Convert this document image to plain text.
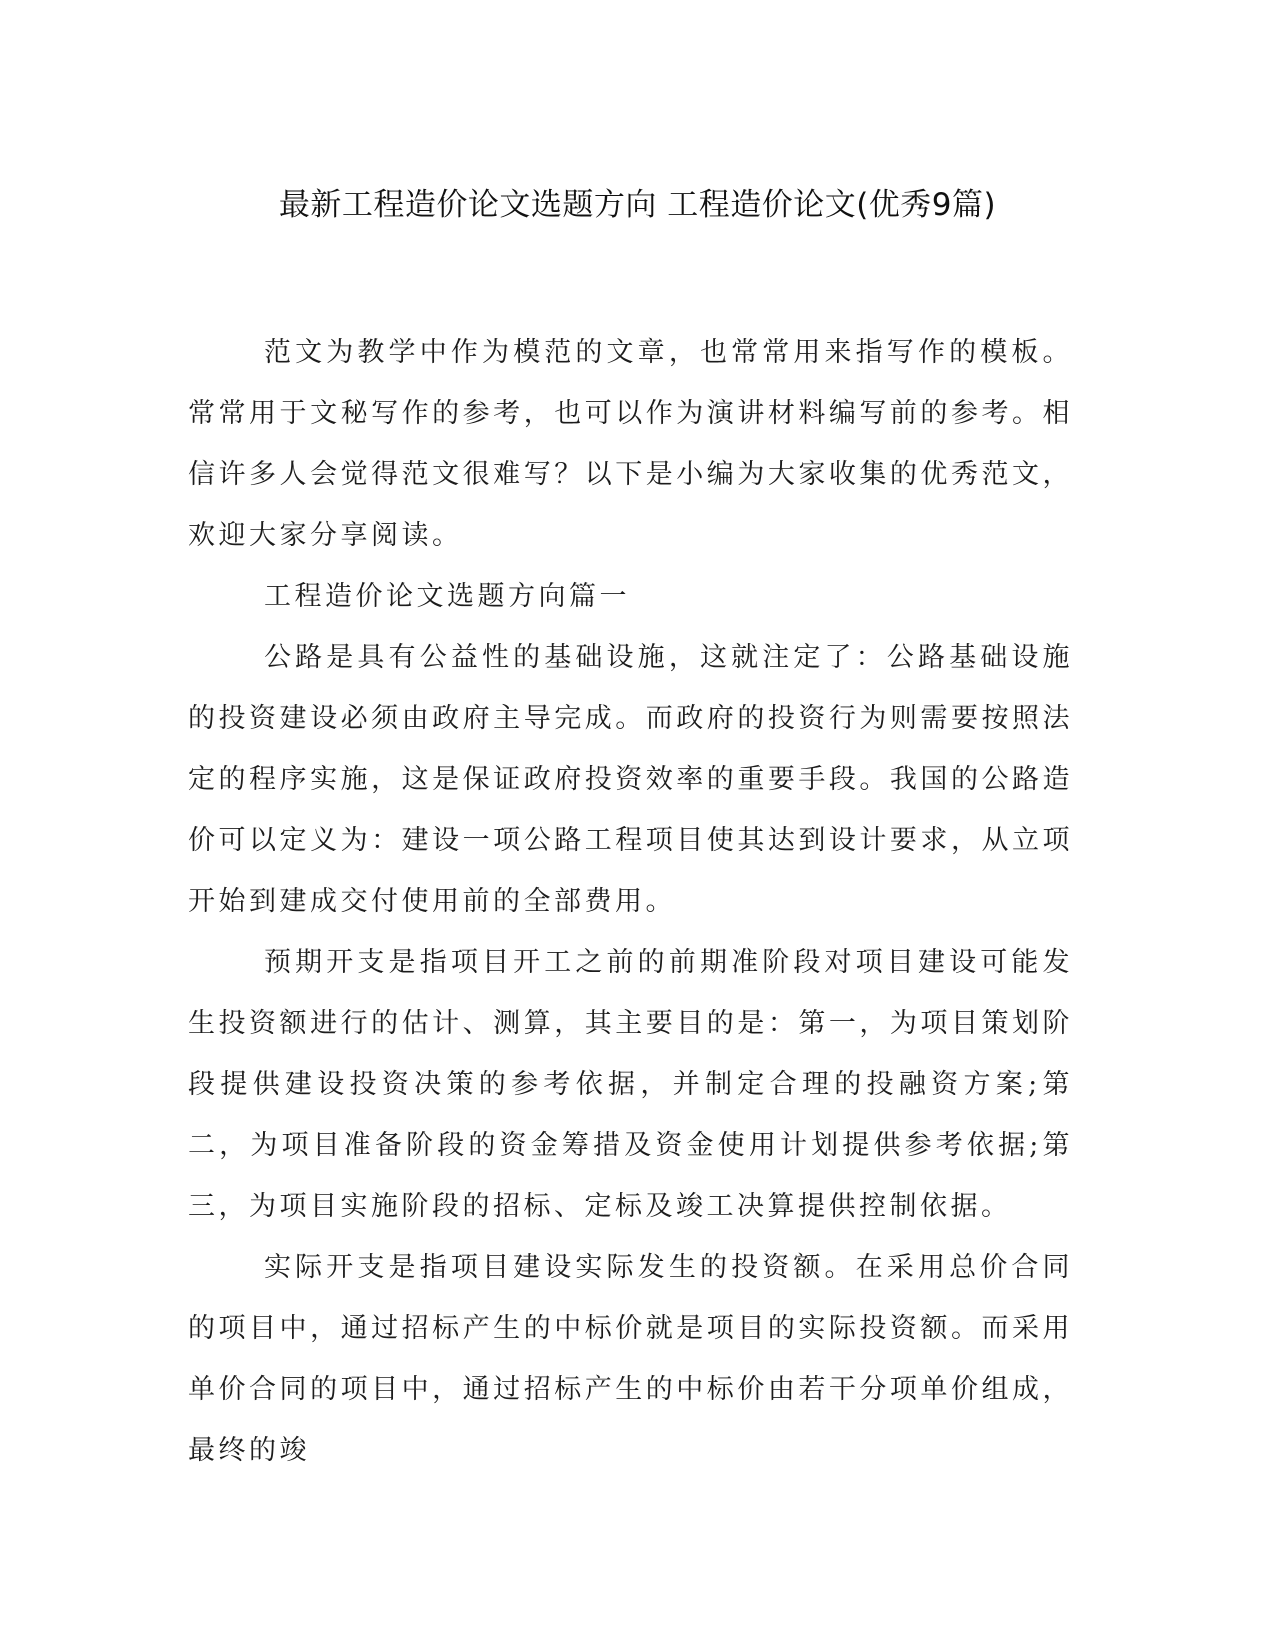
最新工程造价论文选题方向 工程造价论文(优秀9篇)

范文为教学中作为模范的文章，也常常用来指写作的模板。常常用于文秘写作的参考，也可以作为演讲材料编写前的参考。相信许多人会觉得范文很难写？以下是小编为大家收集的优秀范文，欢迎大家分享阅读。

工程造价论文选题方向篇一

公路是具有公益性的基础设施，这就注定了：公路基础设施的投资建设必须由政府主导完成。而政府的投资行为则需要按照法定的程序实施，这是保证政府投资效率的重要手段。我国的公路造价可以定义为：建设一项公路工程项目使其达到设计要求，从立项开始到建成交付使用前的全部费用。

预期开支是指项目开工之前的前期准阶段对项目建设可能发生投资额进行的估计、测算，其主要目的是：第一，为项目策划阶段提供建设投资决策的参考依据，并制定合理的投融资方案;第二，为项目准备阶段的资金筹措及资金使用计划提供参考依据;第三，为项目实施阶段的招标、定标及竣工决算提供控制依据。

实际开支是指项目建设实际发生的投资额。在采用总价合同的项目中，通过招标产生的中标价就是项目的实际投资额。而采用单价合同的项目中，通过招标产生的中标价由若干分项单价组成，最终的竣
